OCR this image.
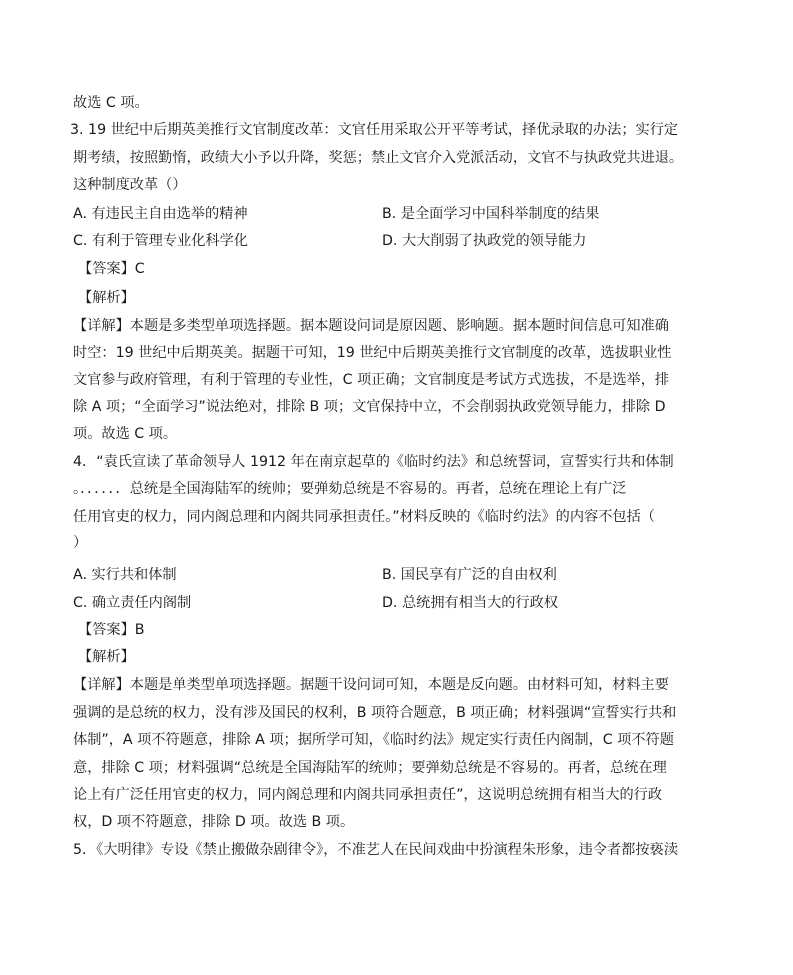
故选 C 项。
3. 19 世纪中后期英美推行文官制度改革：文官任用采取公开平等考试，择优录取的办法；实行定
期考绩，按照勤惰，政绩大小予以升降，奖惩；禁止文官介入党派活动，文官不与执政党共进退。
这种制度改革（）
A. 有违民主自由选举的精神	B. 是全面学习中国科举制度的结果
C. 有利于管理专业化科学化	D. 大大削弱了执政党的领导能力
【答案】C
【解析】
【详解】本题是多类型单项选择题。据本题设问词是原因题、影响题。据本题时间信息可知准确
时空：19 世纪中后期英美。据题干可知，19 世纪中后期英美推行文官制度的改革，选拔职业性
文官参与政府管理，有利于管理的专业性，C 项正确；文官制度是考试方式选拔，不是选举，排
除 A 项；“全面学习”说法绝对，排除 B 项；文官保持中立，不会削弱执政党领导能力，排除 D
项。故选 C 项。
4．“袁氏宣读了革命领导人 1912 年在南京起草的《临时约法》和总统誓词，宣誓实行共和体制
。．．．．．．总统是全国海陆军的统帅；要弹劾总统是不容易的。再者，总统在理论上有广泛
任用官吏的权力，同内阁总理和内阁共同承担责任。”材料反映的《临时约法》的内容不包括（
）
A. 实行共和体制	B. 国民享有广泛的自由权利
C. 确立责任内阁制	D. 总统拥有相当大的行政权
【答案】B
【解析】
【详解】本题是单类型单项选择题。据题干设问词可知，本题是反向题。由材料可知，材料主要
强调的是总统的权力，没有涉及国民的权利，B 项符合题意，B 项正确；材料强调“宣誓实行共和
体制”，A 项不符题意，排除 A 项；据所学可知，《临时约法》规定实行责任内阁制，C 项不符题
意，排除 C 项；材料强调“总统是全国海陆军的统帅；要弹劾总统是不容易的。再者，总统在理
论上有广泛任用官吏的权力，同内阁总理和内阁共同承担责任”，这说明总统拥有相当大的行政
权，D 项不符题意，排除 D 项。故选 B 项。
5．《大明律》专设《禁止搬做杂剧律令》，不准艺人在民间戏曲中扮演程朱形象，违令者都按亵渎
